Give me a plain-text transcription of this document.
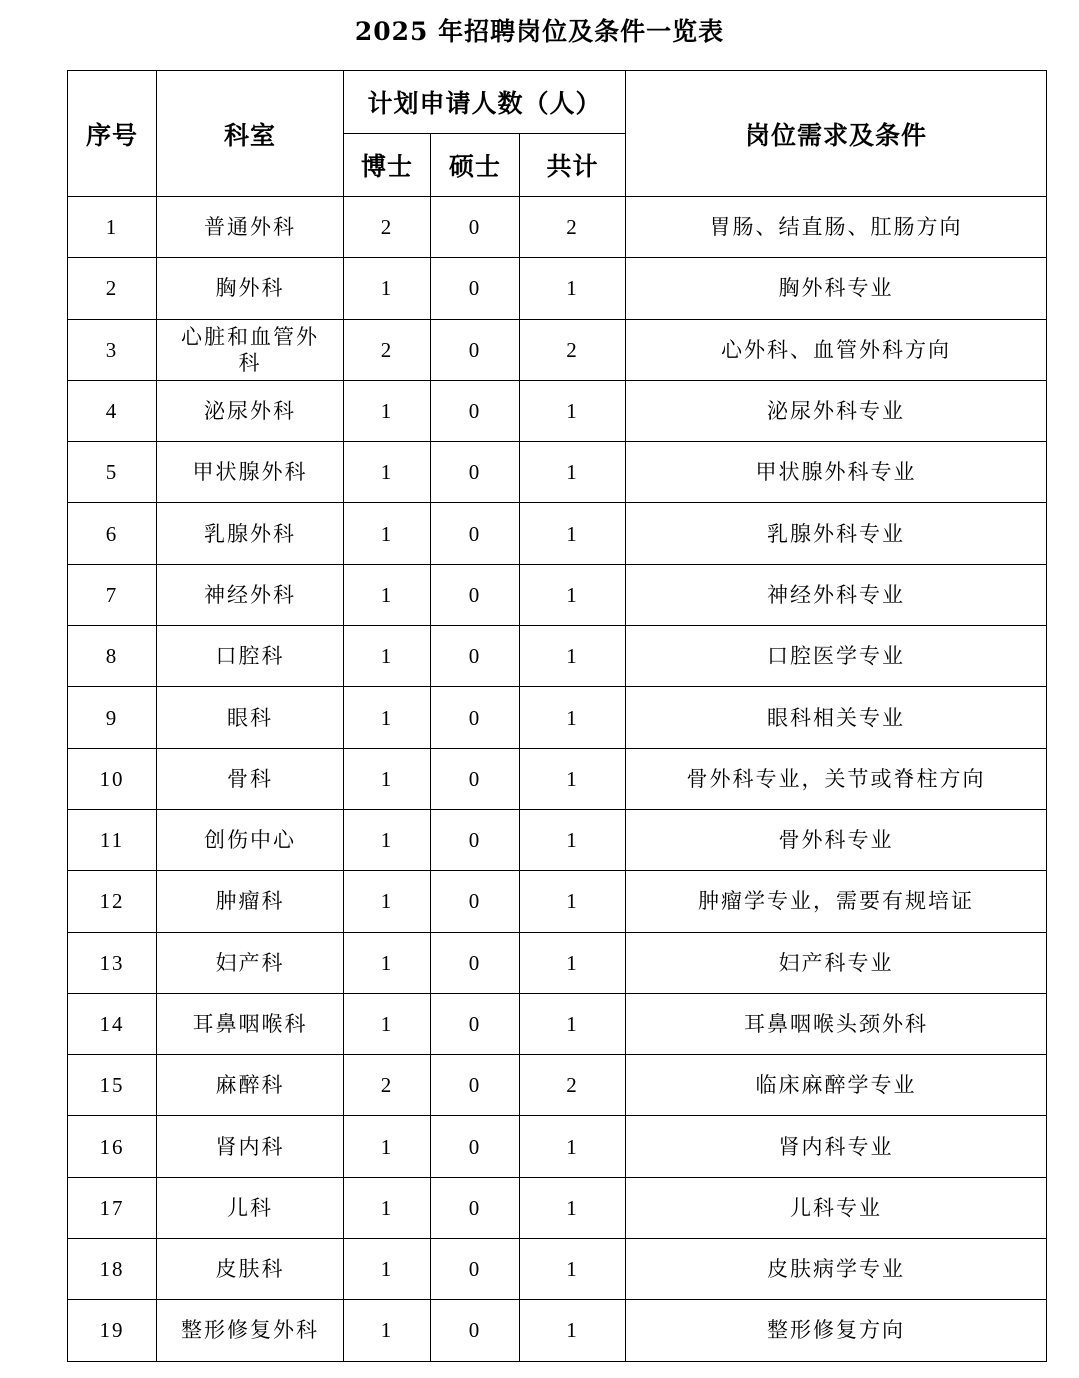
2025 年招聘岗位及条件一览表
序号	科室	计划申请人数（人）			岗位需求及条件
		博士	硕士	共计	
1	普通外科	2	0	2	胃肠、结直肠、肛肠方向
2	胸外科	1	0	1	胸外科专业
3	心脏和血管外科	2	0	2	心外科、血管外科方向
4	泌尿外科	1	0	1	泌尿外科专业
5	甲状腺外科	1	0	1	甲状腺外科专业
6	乳腺外科	1	0	1	乳腺外科专业
7	神经外科	1	0	1	神经外科专业
8	口腔科	1	0	1	口腔医学专业
9	眼科	1	0	1	眼科相关专业
10	骨科	1	0	1	骨外科专业，关节或脊柱方向
11	创伤中心	1	0	1	骨外科专业
12	肿瘤科	1	0	1	肿瘤学专业，需要有规培证
13	妇产科	1	0	1	妇产科专业
14	耳鼻咽喉科	1	0	1	耳鼻咽喉头颈外科
15	麻醉科	2	0	2	临床麻醉学专业
16	肾内科	1	0	1	肾内科专业
17	儿科	1	0	1	儿科专业
18	皮肤科	1	0	1	皮肤病学专业
19	整形修复外科	1	0	1	整形修复方向
